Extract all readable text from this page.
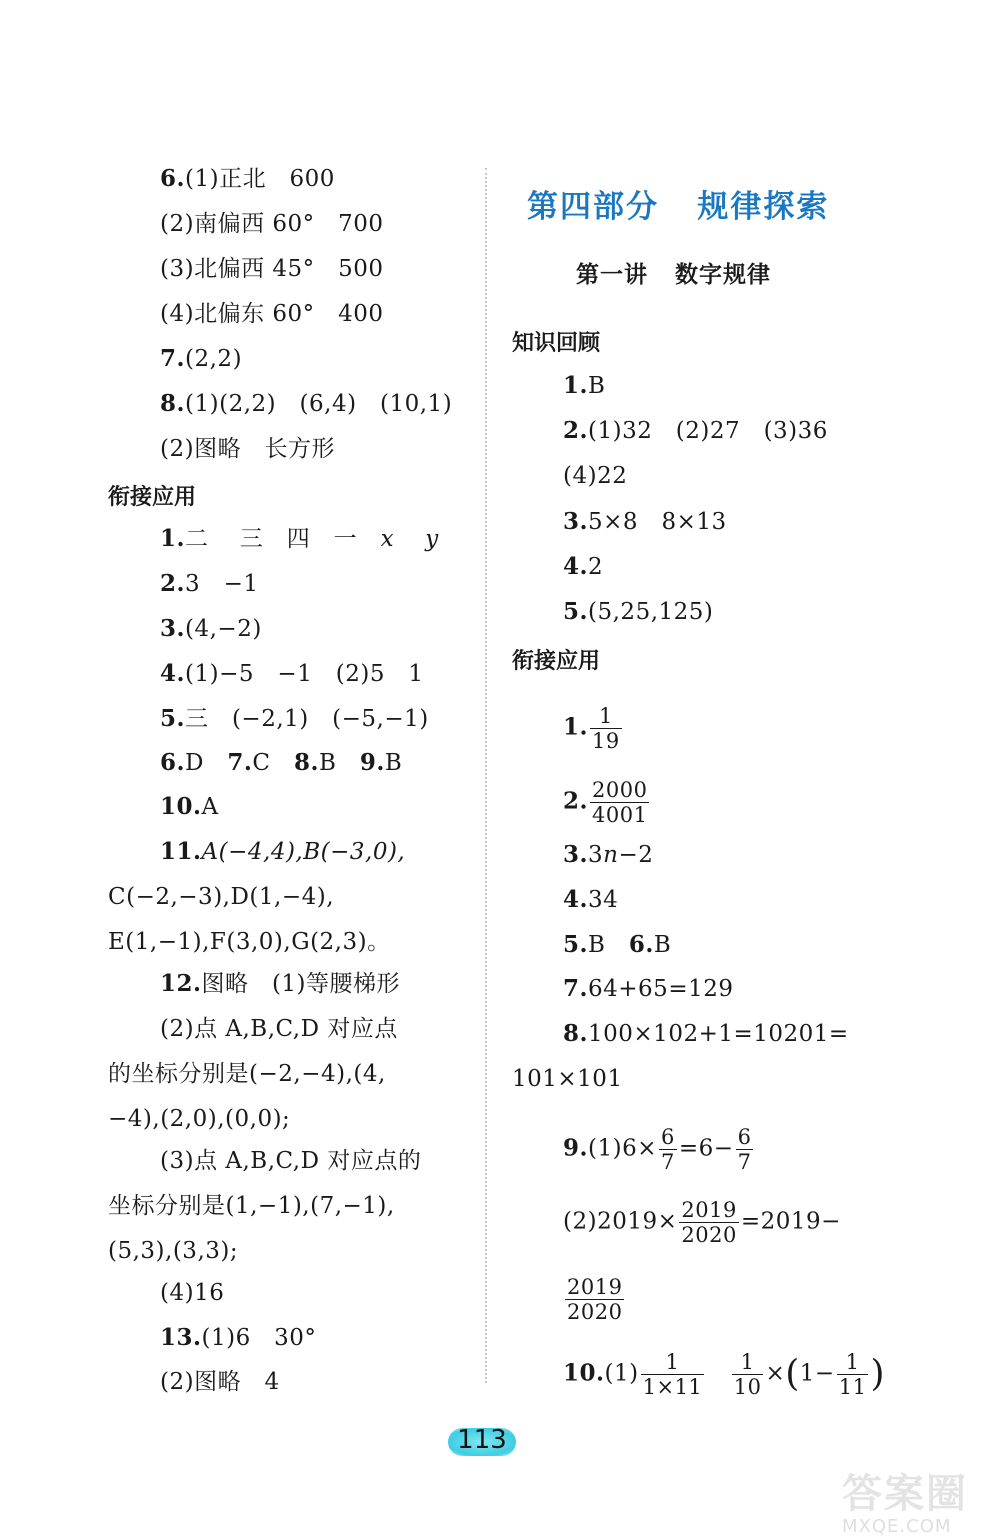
6.(1)正北   600
(2)南偏西 60°   700
(3)北偏西 45°   500
(4)北偏东 60°   400
7.(2,2)
8.(1)(2,2)   (6,4)   (10,1)
(2)图略   长方形
衔接应用
1.二    三   四   一   x y
2.3   −1
3.(4,−2)
4.(1)−5   −1   (2)5   1
5.三   (−2,1)   (−5,−1)
6.D 7.C 8.B 9.B
10.A
11.A(−4,4),B(−3,0),
C(−2,−3),D(1,−4),
E(1,−1),F(3,0),G(2,3)。
12.图略   (1)等腰梯形
(2)点 A,B,C,D 对应点
的坐标分别是(−2,−4),(4,
−4),(2,0),(0,0);
(3)点 A,B,C,D 对应点的
坐标分别是(1,−1),(7,−1),
(5,3),(3,3);
(4)16
13.(1)6   30°
(2)图略   4
第四部分   规律探索
第一讲   数字规律
知识回顾
1.B
2.(1)32   (2)27   (3)36
(4)22
3.5×8   8×13
4.2
5.(5,25,125)
衔接应用
1. $\frac{1}{19}$
2. $\frac{2000}{4001}$
3.3n−2
4.34
5.B 6.B
7.64+65=129
8.100×102+1=10201=
101×101
$9.(1)6\times \frac{6}{7} =6- \frac{6}{7}$
$(2)2019\times \frac{2019}{2020} =2019-$
$\frac{2019}{2020}$
$10.(1) \frac{1}{1\times 11}$
$\frac{1}{10} \times(1- \frac{1}{11}$ )
113
答案圈
MXQE.COM
